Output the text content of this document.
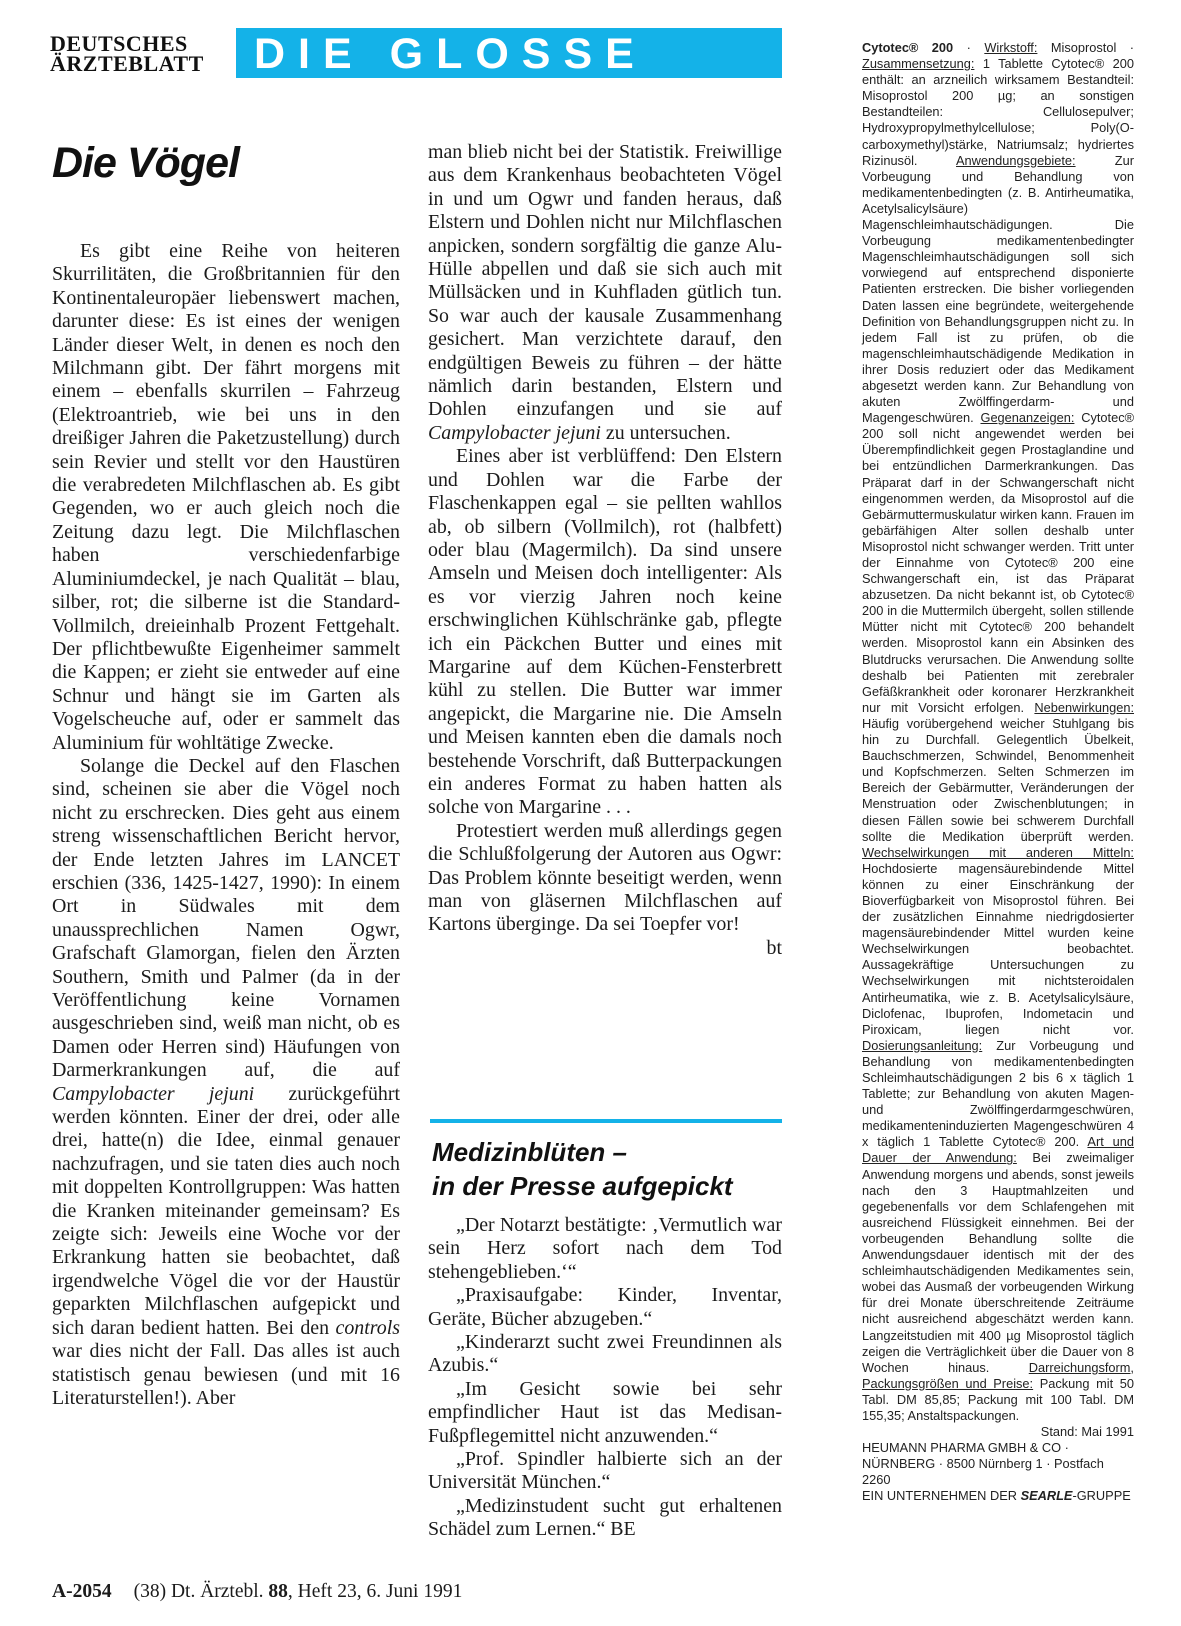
DEUTSCHES
ÄRZTEBLATT DIE GLOSSE
Die Vögel

Es gibt eine Reihe von heiteren Skurrilitäten, die Großbritannien für den Kontinentaleuropäer liebenswert machen, darunter diese: Es ist eines der wenigen Länder dieser Welt, in denen es noch den Milchmann gibt. Der fährt morgens mit einem – ebenfalls skurrilen – Fahrzeug (Elektroantrieb, wie bei uns in den dreißiger Jahren die Paketzustellung) durch sein Revier und stellt vor den Haustüren die verabredeten Milchflaschen ab. Es gibt Gegenden, wo er auch gleich noch die Zeitung dazu legt. Die Milchflaschen haben verschiedenfarbige Aluminiumdeckel, je nach Qualität – blau, silber, rot; die silberne ist die Standard-Vollmilch, dreieinhalb Prozent Fettgehalt. Der pflichtbewußte Eigenheimer sammelt die Kappen; er zieht sie entweder auf eine Schnur und hängt sie im Garten als Vogelscheuche auf, oder er sammelt das Aluminium für wohltätige Zwecke.

Solange die Deckel auf den Flaschen sind, scheinen sie aber die Vögel noch nicht zu erschrecken. Dies geht aus einem streng wissenschaftlichen Bericht hervor, der Ende letzten Jahres im LANCET erschien (336, 1425-1427, 1990): In einem Ort in Südwales mit dem unaussprechlichen Namen Ogwr, Grafschaft Glamorgan, fielen den Ärzten Southern, Smith und Palmer (da in der Veröffentlichung keine Vornamen ausgeschrieben sind, weiß man nicht, ob es Damen oder Herren sind) Häufungen von Darmerkrankungen auf, die auf Campylobacter jejuni zurückgeführt werden könnten. Einer der drei, oder alle drei, hatte(n) die Idee, einmal genauer nachzufragen, und sie taten dies auch noch mit doppelten Kontrollgruppen: Was hatten die Kranken miteinander gemeinsam? Es zeigte sich: Jeweils eine Woche vor der Erkrankung hatten sie beobachtet, daß irgendwelche Vögel die vor der Haustür geparkten Milchflaschen aufgepickt und sich daran bedient hatten. Bei den controls war dies nicht der Fall. Das alles ist auch statistisch genau bewiesen (und mit 16 Literaturstellen!). Aber

man blieb nicht bei der Statistik. Freiwillige aus dem Krankenhaus beobachteten Vögel in und um Ogwr und fanden heraus, daß Elstern und Dohlen nicht nur Milchflaschen anpicken, sondern sorgfältig die ganze Alu-Hülle abpellen und daß sie sich auch mit Müllsäcken und in Kuhfladen gütlich tun. So war auch der kausale Zusammenhang gesichert. Man verzichtete darauf, den endgültigen Beweis zu führen – der hätte nämlich darin bestanden, Elstern und Dohlen einzufangen und sie auf Campylobacter jejuni zu untersuchen.

Eines aber ist verblüffend: Den Elstern und Dohlen war die Farbe der Flaschenkappen egal – sie pellten wahllos ab, ob silbern (Vollmilch), rot (halbfett) oder blau (Magermilch). Da sind unsere Amseln und Meisen doch intelligenter: Als es vor vierzig Jahren noch keine erschwinglichen Kühlschränke gab, pflegte ich ein Päckchen Butter und eines mit Margarine auf dem Küchen-Fensterbrett kühl zu stellen. Die Butter war immer angepickt, die Margarine nie. Die Amseln und Meisen kannten eben die damals noch bestehende Vorschrift, daß Butterpackungen ein anderes Format zu haben hatten als solche von Margarine . . .

Protestiert werden muß allerdings gegen die Schlußfolgerung der Autoren aus Ogwr: Das Problem könnte beseitigt werden, wenn man von gläsernen Milchflaschen auf Kartons überginge. Da sei Toepfer vor!
bt

Medizinblüten –
in der Presse aufgepickt

„Der Notarzt bestätigte: ‚Vermutlich war sein Herz sofort nach dem Tod stehengeblieben.‘“

„Praxisaufgabe: Kinder, Inventar, Geräte, Bücher abzugeben.“

„Kinderarzt sucht zwei Freundinnen als Azubis.“

„Im Gesicht sowie bei sehr empfindlicher Haut ist das Medisan-Fußpflegemittel nicht anzuwenden.“

„Prof. Spindler halbierte sich an der Universität München.“

„Medizinstudent sucht gut erhaltenen Schädel zum Lernen.“ BE

A-2054 (38) Dt. Ärztebl. 88, Heft 23, 6. Juni 1991

Cytotec® 200 · Wirkstoff: Misoprostol · Zusammensetzung: 1 Tablette Cytotec® 200 enthält: an arzneilich wirksamem Bestandteil: Misoprostol 200 µg; an sonstigen Bestandteilen: Cellulosepulver; Hydroxypropylmethylcellulose; Poly(O-carboxymethyl)stärke, Natriumsalz; hydriertes Rizinusöl.	Anwendungsgebiete:	Zur Vorbeugung und Behandlung von medikamentenbedingten (z. B. Antirheumatika, Acetylsalicylsäure) Magenschleimhautschädigungen. Die Vorbeugung medikamentenbedingter Magenschleimhautschädigungen soll sich vorwiegend auf entsprechend disponierte Patienten erstrecken. Die bisher vorliegenden Daten lassen eine begründete, weitergehende Definition von Behandlungsgruppen nicht zu. In jedem Fall ist zu prüfen, ob die magenschleimhautschädigende Medikation in ihrer Dosis reduziert oder das Medikament abgesetzt werden kann. Zur Behandlung von akuten Zwölffingerdarm- und Magengeschwüren. Gegenanzeigen: Cytotec® 200 soll nicht angewendet werden bei Überempfindlichkeit gegen Prostaglandine und bei entzündlichen Darmerkrankungen. Das Präparat darf in der Schwangerschaft nicht eingenommen werden, da Misoprostol auf die Gebärmuttermuskulatur wirken kann. Frauen im gebärfähigen Alter sollen deshalb unter Misoprostol nicht schwanger werden. Tritt unter der Einnahme von Cytotec® 200 eine Schwangerschaft ein, ist das Präparat abzusetzen. Da nicht bekannt ist, ob Cytotec® 200 in die Muttermilch übergeht, sollen stillende Mütter nicht mit Cytotec® 200 behandelt werden. Misoprostol kann ein Absinken des Blutdrucks verursachen. Die Anwendung sollte deshalb bei Patienten mit zerebraler Gefäßkrankheit oder koronarer Herzkrankheit nur mit Vorsicht erfolgen. Nebenwirkungen: Häufig vorübergehend weicher Stuhlgang bis hin zu Durchfall. Gelegentlich Übelkeit, Bauchschmerzen, Schwindel, Benommenheit und Kopfschmerzen. Selten Schmerzen im Bereich der Gebärmutter, Veränderungen der Menstruation oder Zwischenblutungen; in diesen Fällen sowie bei schwerem Durchfall sollte die Medikation überprüft werden. Wechselwirkungen mit anderen Mitteln: Hochdosierte magensäurebindende Mittel können zu einer Einschränkung der Bioverfügbarkeit von Misoprostol führen. Bei der zusätzlichen Einnahme niedrigdosierter magensäurebindender Mittel wurden keine Wechselwirkungen beobachtet. Aussagekräftige Untersuchungen zu Wechselwirkungen mit nichtsteroidalen Antirheumatika, wie z. B. Acetylsalicylsäure, Diclofenac, Ibuprofen, Indometacin und Piroxicam, liegen nicht vor. Dosierungsanleitung: Zur Vorbeugung und Behandlung von medikamentenbedingten Schleimhautschädigungen 2 bis 6 x täglich 1 Tablette; zur Behandlung von akuten Magen- und Zwölffingerdarmgeschwüren, medikamenteninduzierten Magengeschwüren 4 x täglich 1 Tablette Cytotec® 200. Art und Dauer der Anwendung: Bei zweimaliger Anwendung morgens und abends, sonst jeweils nach den 3 Hauptmahlzeiten und gegebenenfalls vor dem Schlafengehen mit ausreichend Flüssigkeit einnehmen. Bei der vorbeugenden Behandlung sollte die Anwendungsdauer identisch mit der des schleimhautschädigenden Medikamentes sein, wobei das Ausmaß der vorbeugenden Wirkung für drei Monate überschreitende Zeiträume nicht ausreichend abgeschätzt werden kann. Langzeitstudien mit 400 µg Misoprostol täglich zeigen die Verträglichkeit über die Dauer von 8 Wochen hinaus.	Darreichungsform, Packungsgrößen und Preise: Packung mit 50 Tabl. DM 85,85; Packung mit 100 Tabl. DM 155,35; Anstaltspackungen.

Stand: Mai 1991

HEUMANN PHARMA GMBH & CO · NÜRNBERG · 8500 Nürnberg 1 · Postfach 2260

EIN UNTERNEHMEN DER SEARLE-GRUPPE
